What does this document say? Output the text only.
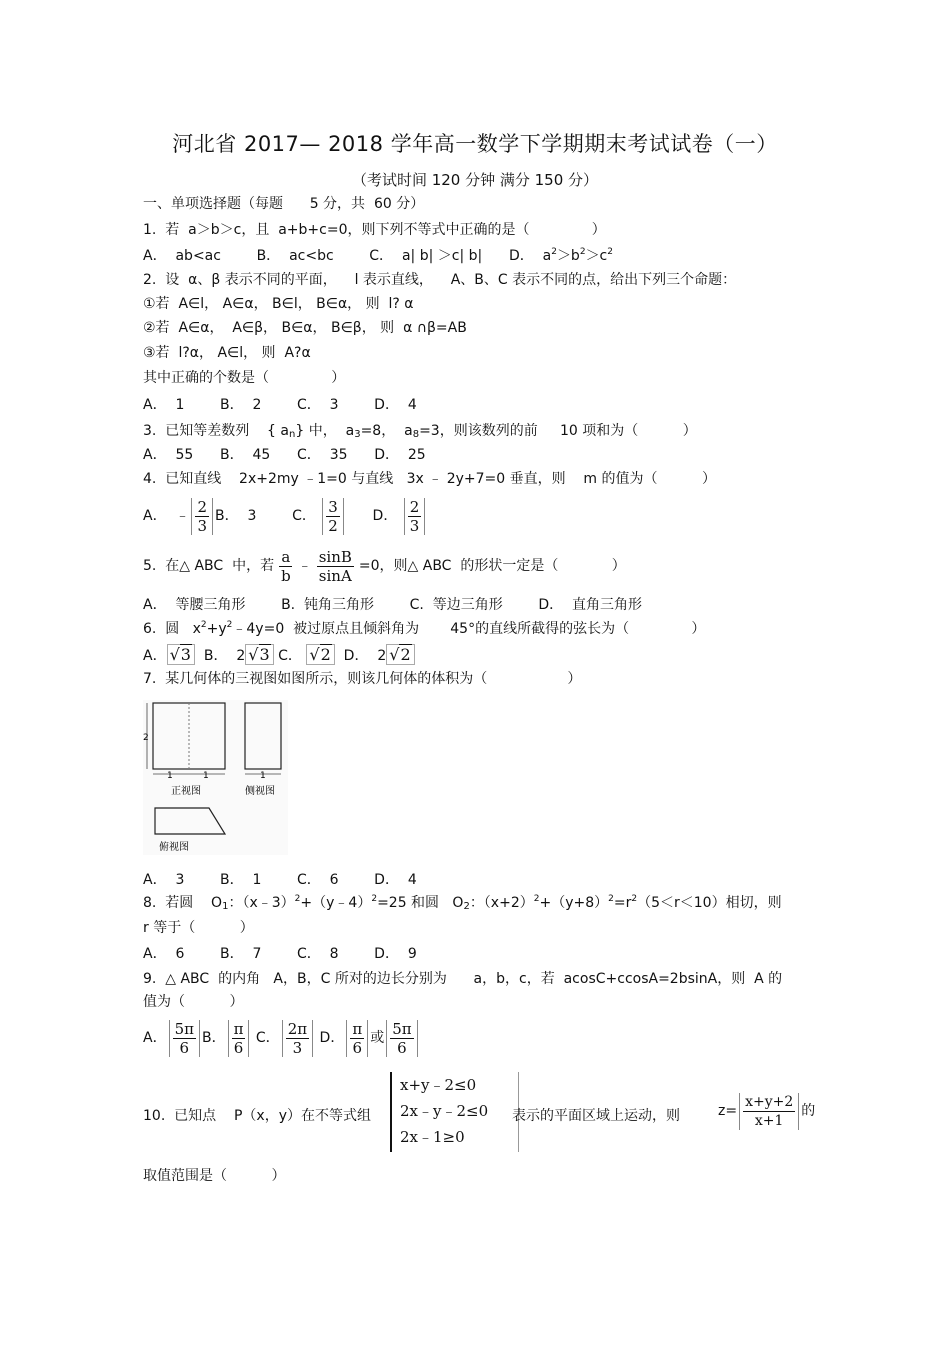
河北省 2017— 2018 学年高一数学下学期期末考试试卷（一）
（考试时间 120 分钟 满分 150 分）
一、单项选择题（每题      5 分，共  60 分）
1.  若  a＞b＞c，且  a+b+c=0，则下列不等式中正确的是（              ）
A．  ab<ac	B．  ac<bc	C．  a| b| ＞c| b| D．  $a^2>b^2>c^2$
2.  设  α、β 表示不同的平面，    l 表示直线，    A、B、C 表示不同的点，给出下列三个命题：
①若  A∈l， A∈α， B∈l， B∈α， 则  l? α
②若  A∈α，  A∈β， B∈α， B∈β， 则  α ∩β=AB
③若  l?α， A∈l， 则  A?α
其中正确的个数是（              ）
A．  1        B．  2        C．  3        D．  4
3.  已知等差数列    { $a_n$} 中，  $a_3=8$，  $a_8=3$，则该数列的前     10 项和为（          ）
A．  55      B．  45      C．  35      D．  25
4.  已知直线    2x+2my ﹣1=0 与直线   3x ﹣ 2y+7=0 垂直，则    m 的值为（          ）
A．  ﹣ $\frac{2}{3}$ B．  3	C． $\frac{3}{2}$ D． $\frac{2}{3}$
5.  在△ ABC  中，若 $\frac{a}{b}$ ﹣ $\frac{\sin B}{\sin A} =0$，则△ ABC  的形状一定是（            ）
A．  等腰三角形        B.  钝角三角形        C.  等边三角形        D．  直角三角形
6.  圆   $x^2+y^2﹣4y=0$  被过原点且倾斜角为       45°的直线所截得的弦长为（              ）
A． √3 B．  2 √3 C． √2 D．  2 √2
7.  某几何体的三视图如图所示，则该几何体的体积为（                  ）
2
1	1	1
正视图	侧视图
俯视图
A．  3        B．  1        C．  6        D．  4
8.  若圆    $O_1$：（x﹣3）$^2$+（y﹣4）$^2$=25 和圆   $O_2$：$(x+2)^2+(y+8)^2=r^2(5<r<10)$相切，则
r 等于（          ）
A．  6        B．  7        C．  8        D．  9
9.  △ ABC  的内角   A，B，C 所对的边长分别为      a，b，c，若  acosC+ccosA=2bsinA，则  A 的
值为（          ）
A． $\frac{5\pi}{6}$ B． $\frac{\pi}{6}$ C． $\frac{2\pi}{3}$ D． $\frac{\pi}{6}$ 或 $\frac{5\pi}{6}$
10.  已知点    P（x，y）在不等式组
x+y﹣2≤0
2x﹣y﹣2≤0
2x﹣1≥0
表示的平面区域上运动，则	$z= \frac{x+y+2}{x+1}$ 的
取值范围是（          ）
